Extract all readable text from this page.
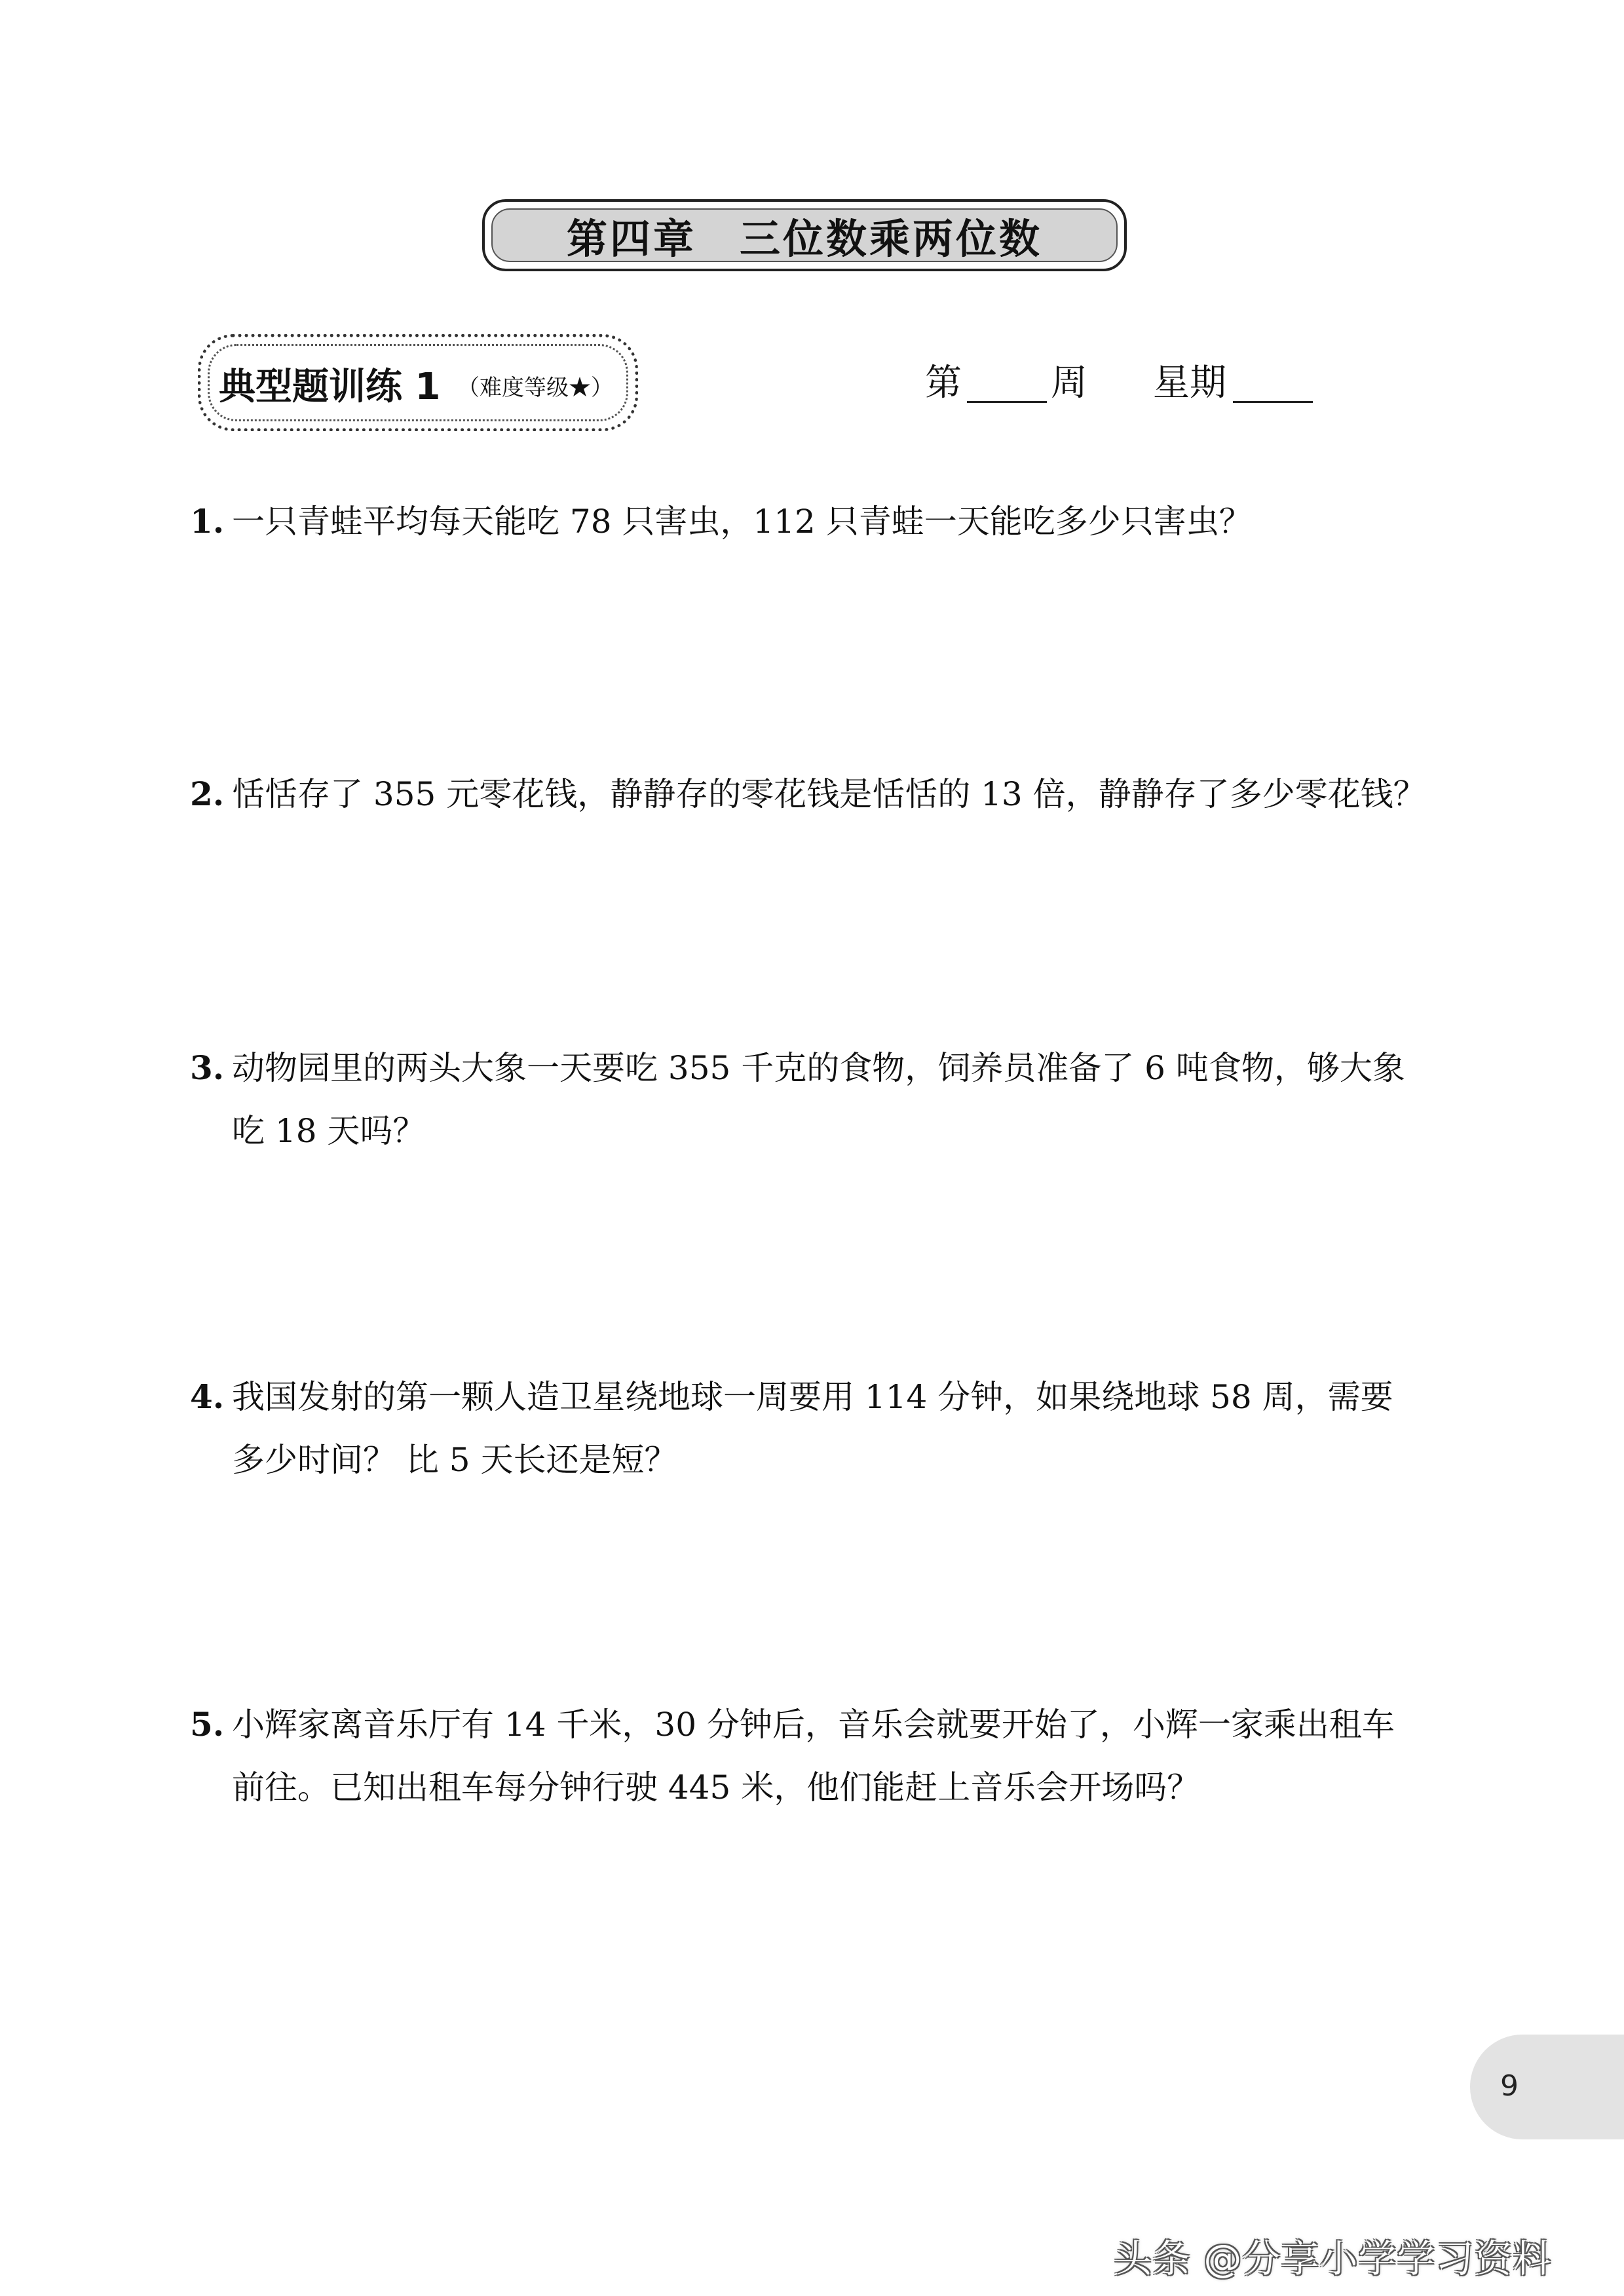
第四章　三位数乘两位数
典型题训练 1 （难度等级★）	第 周 星期
1. 一只青蛙平均每天能吃 78 只害虫，112 只青蛙一天能吃多少只害虫？
2. 恬恬存了 355 元零花钱，静静存的零花钱是恬恬的 13 倍，静静存了多少零花钱？
3. 动物园里的两头大象一天要吃 355 千克的食物，饲养员准备了 6 吨食物，够大象
吃 18 天吗？
4. 我国发射的第一颗人造卫星绕地球一周要用 114 分钟，如果绕地球 58 周，需要
多少时间？ 比 5 天长还是短？
5. 小辉家离音乐厅有 14 千米，30 分钟后，音乐会就要开始了，小辉一家乘出租车
前往。已知出租车每分钟行驶 445 米，他们能赶上音乐会开场吗？
9
头条 @分享小学学习资料
